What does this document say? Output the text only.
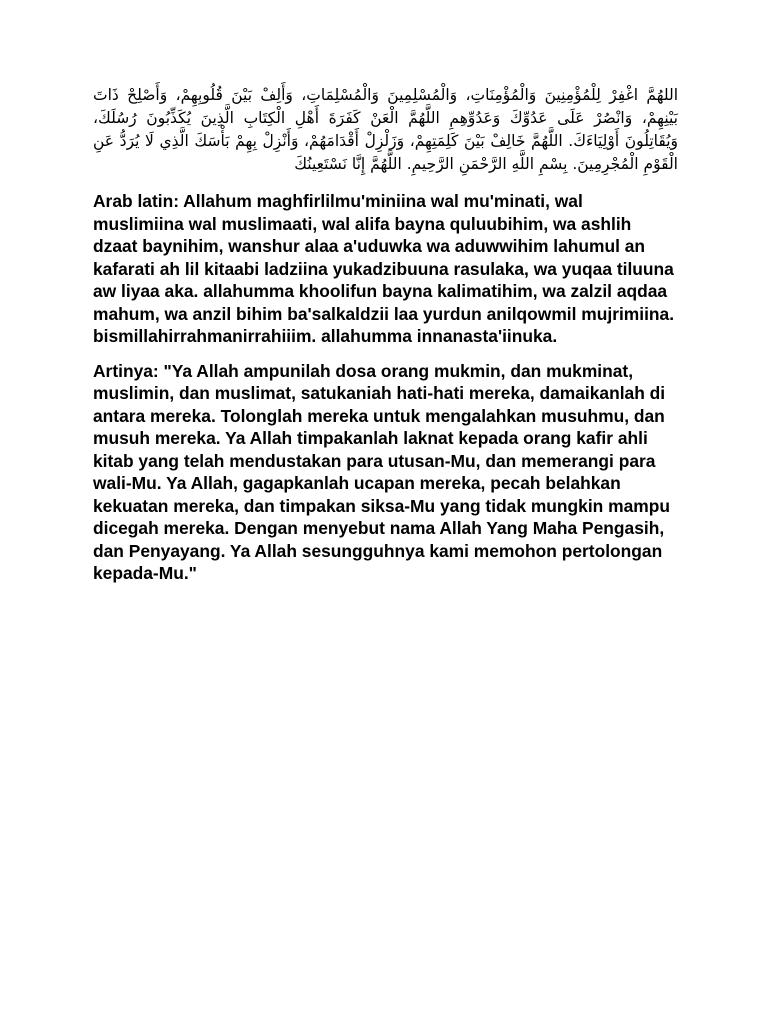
اللهُمَّ اغْفِرْ لِلْمُؤْمِنِينَ وَالْمُؤْمِنَاتِ، وَالْمُسْلِمِينَ وَالْمُسْلِمَاتِ، وَأَلِفْ بَيْنَ قُلُوبِهِمْ، وَأَصْلِحْ ذَاتَ بَيْنِهِمْ، وَانْصُرْ عَلَى عَدُوِّكَ وَعَدُوِّهِمِ اللَّهُمَّ الْعَنْ كَفَرَةَ أَهْلِ الْكِتَابِ الَّذِينَ يُكَذِّبُونَ رُسُلَكَ، وَيُقَاتِلُونَ أَوْلِيَاءَكَ. اللَّهُمَّ خَالِفْ بَيْنَ كَلِمَتِهِمْ، وَزَلْزِلْ أَقْدَامَهُمْ، وَأَنْزِلْ بِهِمْ بَأْسَكَ الَّذِي لَا يُرَدُّ عَنِ الْقَوْمِ الْمُجْرِمِينَ. بِسْمِ اللَّهِ الرَّحْمَنِ الرَّحِيمِ. اللَّهُمَّ إِنَّا نَسْتَعِينُكَ

Arab latin: Allahum maghfirlilmu'miniina wal mu'minati, wal muslimiina wal muslimaati, wal alifa bayna quluubihim, wa ashlih dzaat baynihim, wanshur alaa a'uduwka wa aduwwihim lahumul an kafarati ah lil kitaabi ladziina yukadzibuuna rasulaka, wa yuqaa tiluuna aw liyaa aka. allahumma khoolifun bayna kalimatihim, wa zalzil aqdaa mahum, wa anzil bihim ba'salkaldzii laa yurdun anilqowmil mujrimiina. bismillahirrahmanirrahiiim. allahumma innanasta'iinuka.

Artinya: "Ya Allah ampunilah dosa orang mukmin, dan mukminat, muslimin, dan muslimat, satukaniah hati-hati mereka, damaikanlah di antara mereka. Tolonglah mereka untuk mengalahkan musuhmu, dan musuh mereka. Ya Allah timpakanlah laknat kepada orang kafir ahli kitab yang telah mendustakan para utusan-Mu, dan memerangi para wali-Mu. Ya Allah, gagapkanlah ucapan mereka, pecah belahkan kekuatan mereka, dan timpakan siksa-Mu yang tidak mungkin mampu dicegah mereka. Dengan menyebut nama Allah Yang Maha Pengasih, dan Penyayang. Ya Allah sesungguhnya kami memohon pertolongan kepada-Mu."
